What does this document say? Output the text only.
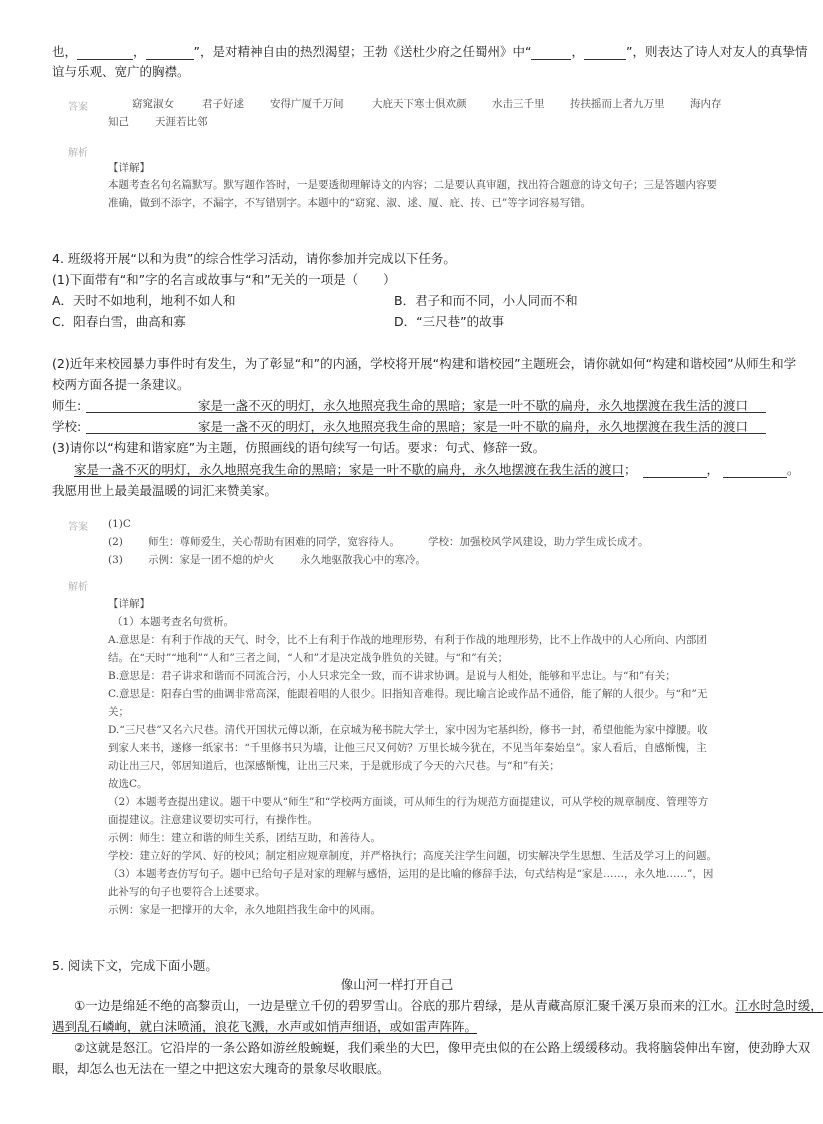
也，	，	”，是对精神自由的热烈渴望；王勃《送杜少府之任蜀州》中“	，	”，则表达了诗人对友人的真挚情
谊与乐观、宽广的胸襟。
答案	窈窕淑女	君子好逑 安得广厦千万间	大庇天下寒士俱欢颜 水击三千里 抟扶摇而上者九万里 海内存
知己 天涯若比邻
解析
【详解】
本题考查名句名篇默写。默写题作答时，一是要透彻理解诗文的内容；二是要认真审题，找出符合题意的诗文句子；三是答题内容要
准确，做到不添字，不漏字，不写错别字。本题中的“窈窕、淑、逑、厦、庇、抟、已”等字词容易写错。
4. 班级将开展“以和为贵”的综合性学习活动，请你参加并完成以下任务。
(1)下面带有“和”字的名言或故事与“和”无关的一项是（　　）
A．天时不如地利，地利不如人和	B．君子和而不同，小人同而不和
C．阳春白雪，曲高和寡	D．“三尺巷”的故事
(2)近年来校园暴力事件时有发生，为了彰显“和”的内涵，学校将开展“构建和谐校园”主题班会，请你就如何“构建和谐校园”从师生和学
校两方面各提一条建议。
师生:	家是一盏不灭的明灯，永久地照亮我生命的黑暗；家是一叶不歇的扁舟，永久地摆渡在我生活的渡口
学校:	家是一盏不灭的明灯，永久地照亮我生命的黑暗；家是一叶不歇的扁舟，永久地摆渡在我生活的渡口
(3)请你以“构建和谐家庭”为主题，仿照画线的语句续写一句话。要求：句式、修辞一致。
家是一盏不灭的明灯，永久地照亮我生命的黑暗；家是一叶不歇的扁舟，永久地摆渡在我生活的渡口；	，	。
我愿用世上最美最温暖的词汇来赞美家。
答案 (1)C
(2) 师生：尊师爱生，关心帮助有困难的同学，宽容待人。	学校：加强校风学风建设，助力学生成长成才。
(3) 示例：家是一团不熄的炉火 永久地驱散我心中的寒冷。
解析
【详解】
（1）本题考查名句赏析。
A.意思是：有利于作战的天气、时令，比不上有利于作战的地理形势，有利于作战的地理形势，比不上作战中的人心所向、内部团
结。在“天时”“地利”“人和”三者之间，“人和”才是决定战争胜负的关键。与“和”有关；
B.意思是：君子讲求和谐而不同流合污，小人只求完全一致，而不讲求协调。是说与人相处，能够和平忠让。与“和”有关；
C.意思是：阳春白雪的曲调非常高深，能跟着唱的人很少。旧指知音难得。现比喻言论或作品不通俗，能了解的人很少。与“和”无
关；
D.“三尺巷”又名六尺巷。清代开国状元傅以渐，在京城为秘书院大学士，家中因为宅基纠纷，修书一封，希望他能为家中撑腰。收
到家人来书，遂修一纸家书：“千里修书只为墙，让他三尺又何妨？万里长城今犹在，不见当年秦始皇”。家人看后，自感惭愧，主
动让出三尺，邻居知道后，也深感惭愧，让出三尺来，于是就形成了今天的六尺巷。与“和”有关；
故选C。
（2）本题考查提出建议。题干中要从“师生”和“学校两方面谈，可从师生的行为规范方面提建议，可从学校的规章制度、管理等方
面提建议。注意建议要切实可行，有操作性。
示例：师生：建立和谐的师生关系，团结互助，和善待人。
学校：建立好的学风、好的校风；制定相应规章制度，并严格执行；高度关注学生问题，切实解决学生思想、生活及学习上的问题。
（3）本题考查仿写句子。题中已给句子是对家的理解与感悟，运用的是比喻的修辞手法，句式结构是“家是……，永久地……”，因
此补写的句子也要符合上述要求。
示例：家是一把撑开的大伞，永久地阻挡我生命中的风雨。
5. 阅读下文，完成下面小题。
像山河一样打开自己
①一边是绵延不绝的高黎贡山，一边是壁立千仞的碧罗雪山。谷底的那片碧绿，是从青藏高原汇聚千溪万泉而来的江水。江水时急时缓，
遇到乱石嶙峋，就白沫喷涌，浪花飞溅，水声或如悄声细语，或如雷声阵阵。
②这就是怒江。它沿岸的一条公路如游丝般蜿蜒，我们乘坐的大巴，像甲壳虫似的在公路上缓缓移动。我将脑袋伸出车窗，使劲睁大双
眼，却怎么也无法在一望之中把这宏大瑰奇的景象尽收眼底。
